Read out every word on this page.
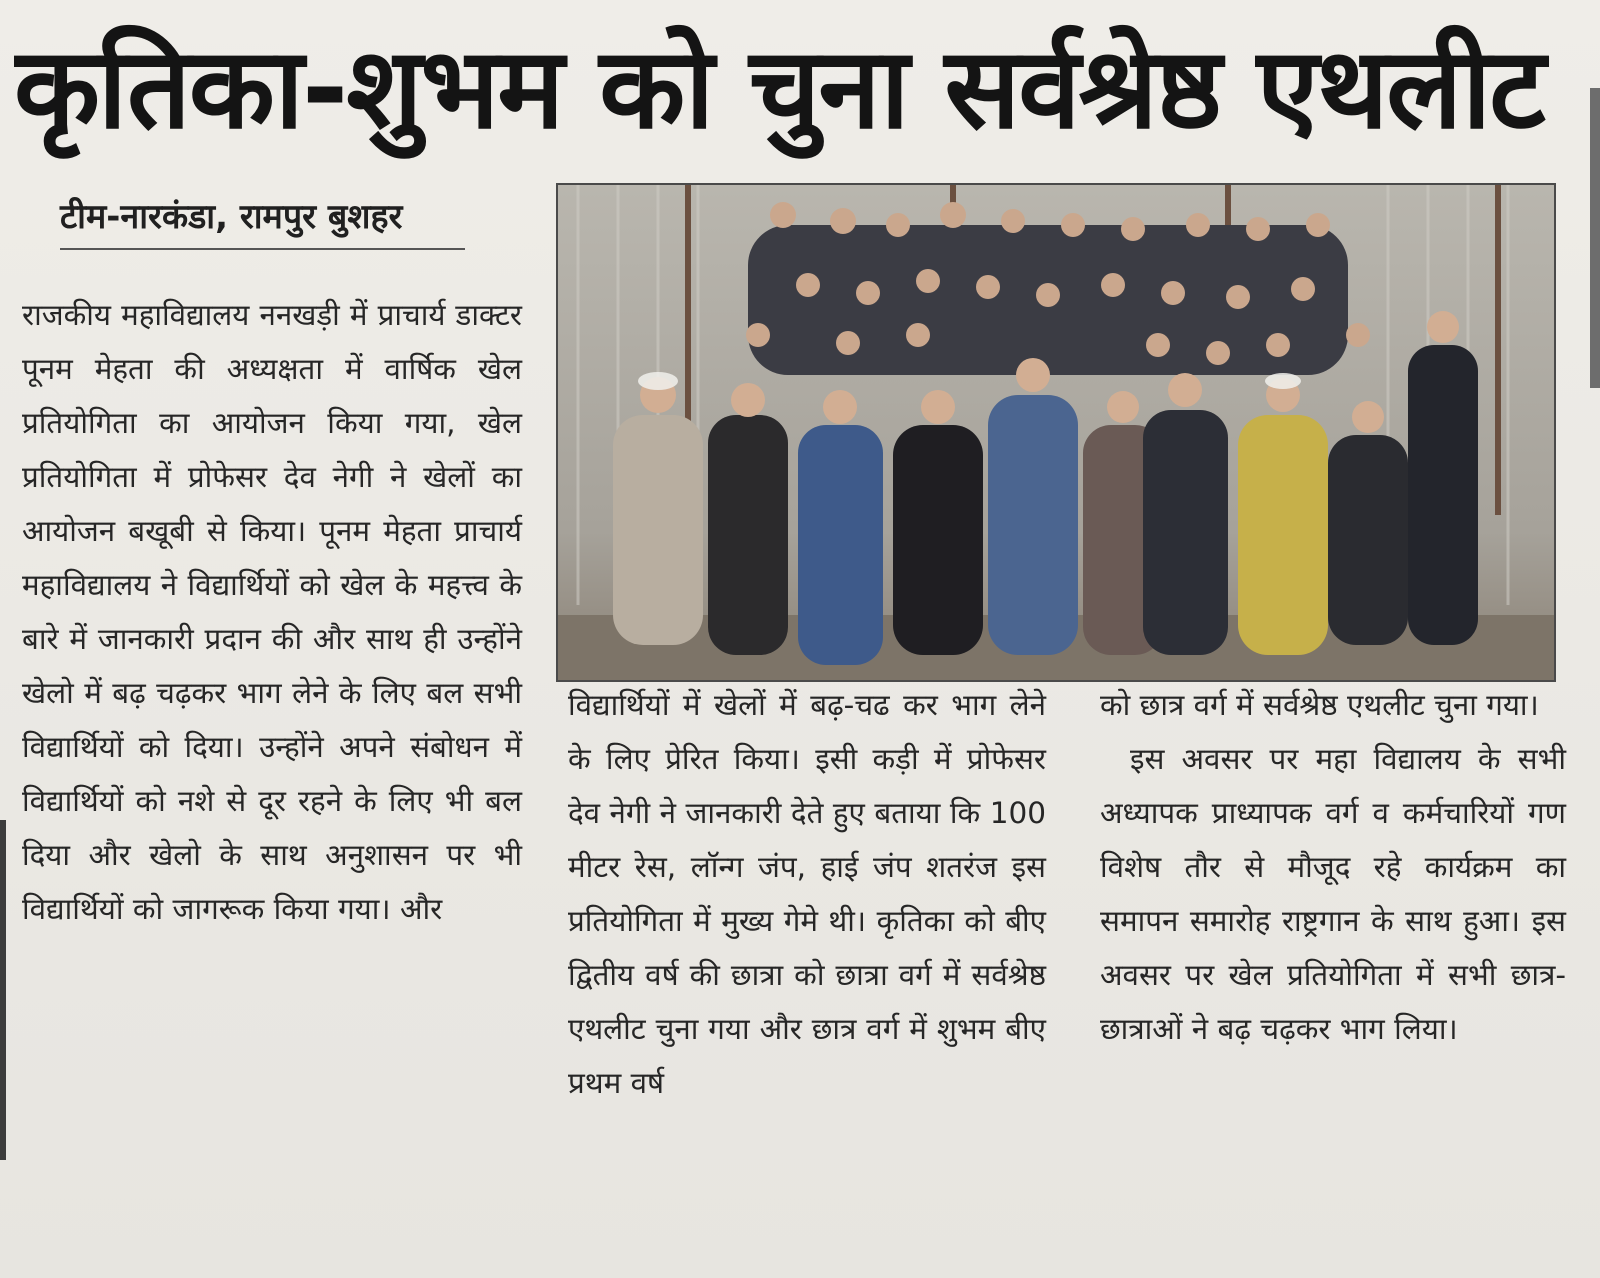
कृतिका-शुभम को चुना सर्वश्रेष्ठ एथलीट
टीम-नारकंडा, रामपुर बुशहर

राजकीय महाविद्यालय ननखड़ी में प्राचार्य डाक्टर पूनम मेहता की अध्यक्षता में वार्षिक खेल प्रतियोगिता का आयोजन किया गया, खेल प्रतियोगिता में प्रोफेसर देव नेगी ने खेलों का आयोजन बखूबी से किया। पूनम मेहता प्राचार्य महाविद्यालय ने विद्यार्थियों को खेल के महत्त्व के बारे में जानकारी प्रदान की और साथ ही उन्होंने खेलो में बढ़ चढ़कर भाग लेने के लिए बल सभी विद्यार्थियों को दिया। उन्होंने अपने संबोधन में विद्यार्थियों को नशे से दूर रहने के लिए भी बल दिया और खेलो के साथ अनुशासन पर भी विद्यार्थियों को जागरूक किया गया। और

विद्यार्थियों में खेलों में बढ़-चढ कर भाग लेने के लिए प्रेरित किया। इसी कड़ी में प्रोफेसर देव नेगी ने जानकारी देते हुए बताया कि 100 मीटर रेस, लॉन्ग जंप, हाई जंप शतरंज इस प्रतियोगिता में मुख्य गेमे थी। कृतिका को बीए द्वितीय वर्ष की छात्रा को छात्रा वर्ग में सर्वश्रेष्ठ एथलीट चुना गया और छात्र वर्ग में शुभम बीए प्रथम वर्ष

को छात्र वर्ग में सर्वश्रेष्ठ एथलीट चुना गया।

इस अवसर पर महा विद्यालय के सभी अध्यापक प्राध्यापक वर्ग व कर्मचारियों गण विशेष तौर से मौजूद रहे कार्यक्रम का समापन समारोह राष्ट्रगान के साथ हुआ। इस अवसर पर खेल प्रतियोगिता में सभी छात्र-छात्राओं ने बढ़ चढ़कर भाग लिया।
